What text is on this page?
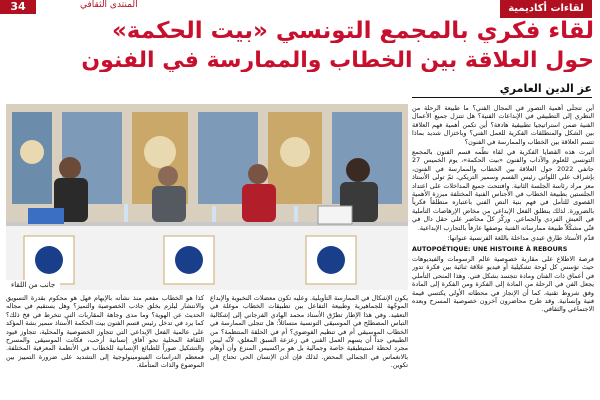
34	المنتدى الثقافي	لقاءات أكاديمية
لقاء فكري بالمجمع التونسي «بيت الحكمة»
حول العلاقة بين الخطاب والممارسة في الفنون
عز الدين العامري
جانب من اللقاء

أين تتجلّى أهمية التصور في المجال الفني؟ ما طبيعة الرحلة من النظري إلى التطبيقي في الإبداعات الفنية؟ هل تتنزل جميع الأعمال الفنية ضمن استراتيجيا تطبيقية هادفة؟ أين تكمن أهمية فهم العلاقة بين الشكل والمنطلقات الفكرية للعمل الفني؟ وباختزال شديد بماذا تتسم العلاقة بين الخطاب والممارسة في الفنون؟

أثيرت هذه القضايا الفكرية في لقاء نظّمه قسم الفنون بالمجمع التونسي للعلوم والآداب والفنون «بيت الحكمة»، يوم الخميس 27 جانفي 2022 حول العلاقة بين الخطاب والممارسة في الفنون، بإشراف علي اللواتي رئيس القسم وسمير التريكي، ثمّ تولى الأستاذ معز مراد رئاسة الجلسة الثانية. وافتتحت جميع المداخلات على اعتداد الجلستين بطبيعة الخطاب في الأجناس الفنية المختلفة مبرزة الأهمية القصوى للتأمل في فهم بنية النص الفني باعتباره منطلقاً فكرياً بالضرورة. لذلك ينطلق الفعل الإبداعي من مخاض الإرهاصات التأملية في العيش الفردي والجماعي. وركّز كلّ محاضر على حقل دال في فنّي مشكّلاً طبيعة ممارساته الفنية بوصفها عارفاً بالتجارب الإبداعية.

قدّم الأستاذ طارق عبدي مداخلة باللغة الفرنسية عنوانها:

AUTOPOÉTIQUE: UNE HISTOIRE À REBOURS

فرصة الاطلاع على مقاربة خصوصية عالم الرسومات والفيديوهات حيث تؤسس كل لوحة تشكيلية أو فيديو علاقة ثنائية بين فكرة تدور في أعماق ذات الفنان ومادة تتجسد بشكل فني. وهذا المنحى التأملي يجعل الفن في الرحلة من المادة إلى الفكرة ومن الفكرة إلى المادة وفق شروط تقنية، كما أن الإنجاز في محطاته الأولى يكتسي قيمة فنية وإنسانية. وقد طرح محاضرون آخرون خصوصية المسرح وبعده الاجتماعي والثقافي.

يكون الإشكال في الممارسة التأويلية. وعليه تكون معضلات النخبوية والإبداع الموجّهة للجماهيرية وطبيعة التفاعل بين تطبيقات الخطاب موغلة في التعقيد. وفي هذا الإطار تطرّق الأستاذ محمد الهادي الفرجاني إلى إشكالية التباس المصطلح في الموسيقى التونسية متسائلاً: هل تتجلى الممارسة في الخطاب الموسيقي أم في تنظيم الفوضوي؟ أم في الحلقة المنتظمة؟ من الطبيعي جداً أن يسهم العمل الفني في زعزعة السبق المغلق، لأنّه ليس مجرد لحظة استيطيقية خاصة وجمالية بل هو براكسيس المنزع وأن أوهام بالانغماس في الجمالي المحض. لذلك فإن أذن الإنسان الحي تحتاج إلى تكوين.
كذا هو الخطاب مفعم منذ نشأته بالإبهام فهل هو محكوم بقدرة التسويق والانتشار ليلزم بخلق جاذب الخصوصية والتميز؟ وهل يستقيم في مجاله الحديث عن الهوية؟ وما مدى وجاهة المقاربات التي تنخرط في فخ ذلك؟ كما يرد في تدخل رئيس قسم الفنون بيت الحكمة الأستاذ سمير بشة المؤكد على عالمية الفعل الإبداعي التي تتجاوز الخصوصية والمحلية، تتجاوز قيود الثقافة المحلية نحو آفاق إنسانية أرحب، فكانت الموسيقى والمسرح والتشكيل صوراً للطبائع الإنسانية للخطاب في الأنظمة المعرفية المختلفة. فمعظم الدراسات الفينومينولوجية إلى التشديد على ضرورة التمييز بين الموضوع والذات المتأملة.
